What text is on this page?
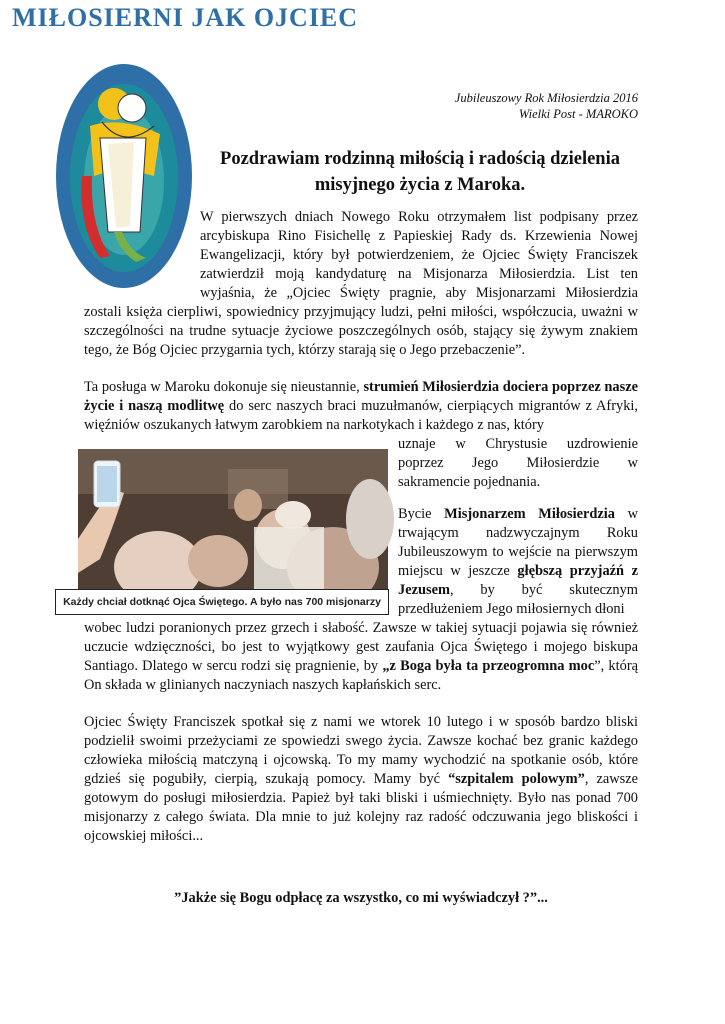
MIŁOSIERNI JAK OJCIEC
Jubileuszowy Rok Miłosierdzia 2016
Wielki Post - MAROKO
Pozdrawiam rodzinną miłością i radością dzielenia
misyjnego życia z Maroka.
W pierwszych dniach Nowego Roku otrzymałem list podpisany przez
arcybiskupa Rino Fisichellę z Papieskiej Rady ds. Krzewienia Nowej
Ewangelizacji, który był potwierdzeniem, że Ojciec Święty Franciszek
zatwierdził moją kandydaturę na Misjonarza Miłosierdzia. List ten
wyjaśnia, że „Ojciec Święty pragnie, aby Misjonarzami Miłosierdzia
zostali księża cierpliwi, spowiednicy przyjmujący ludzi, pełni miłości, współczucia, uważni w szczególności na trudne sytuacje życiowe poszczególnych osób, stający się żywym znakiem tego, że Bóg Ojciec przygarnia tych, którzy starają się o Jego przebaczenie”.
Ta posługa w Maroku dokonuje się nieustannie, strumień Miłosierdzia dociera poprzez nasze życie i naszą modlitwę do serc naszych braci muzułmanów, cierpiących migrantów z Afryki, więźniów oszukanych łatwym zarobkiem na narkotykach i każdego z nas, który
uznaje w Chrystusie uzdrowienie poprzez Jego Miłosierdzie w sakramencie pojednania.
Każdy chciał dotknąć Ojca Świętego. A było nas 700 misjonarzy
Bycie Misjonarzem Miłosierdzia w trwającym nadzwyczajnym Roku Jubileuszowym to wejście na pierwszym miejscu w jeszcze głębszą przyjaźń z Jezusem, by być skutecznym przedłużeniem Jego miłosiernych dłoni
wobec ludzi poranionych przez grzech i słabość. Zawsze w takiej sytuacji pojawia się również uczucie wdzięczności, bo jest to wyjątkowy gest zaufania Ojca Świętego i mojego biskupa Santiago. Dlatego w sercu rodzi się pragnienie, by „z Boga była ta przeogromna moc”, którą On składa w glinianych naczyniach naszych kapłańskich serc.
Ojciec Święty Franciszek spotkał się z nami we wtorek 10 lutego i w sposób bardzo bliski podzielił swoimi przeżyciami ze spowiedzi swego życia. Zawsze kochać bez granic każdego człowieka miłością matczyną i ojcowską. To my mamy wychodzić na spotkanie osób, które gdzieś się pogubiły, cierpią, szukają pomocy. Mamy być “szpitalem polowym”, zawsze gotowym do posługi miłosierdzia. Papież był taki bliski i uśmiechnięty. Było nas ponad 700 misjonarzy z całego świata. Dla mnie to już kolejny raz radość odczuwania jego bliskości i ojcowskiej miłości...

”Jakże się Bogu odpłacę za wszystko, co mi wyświadczył ?”...
